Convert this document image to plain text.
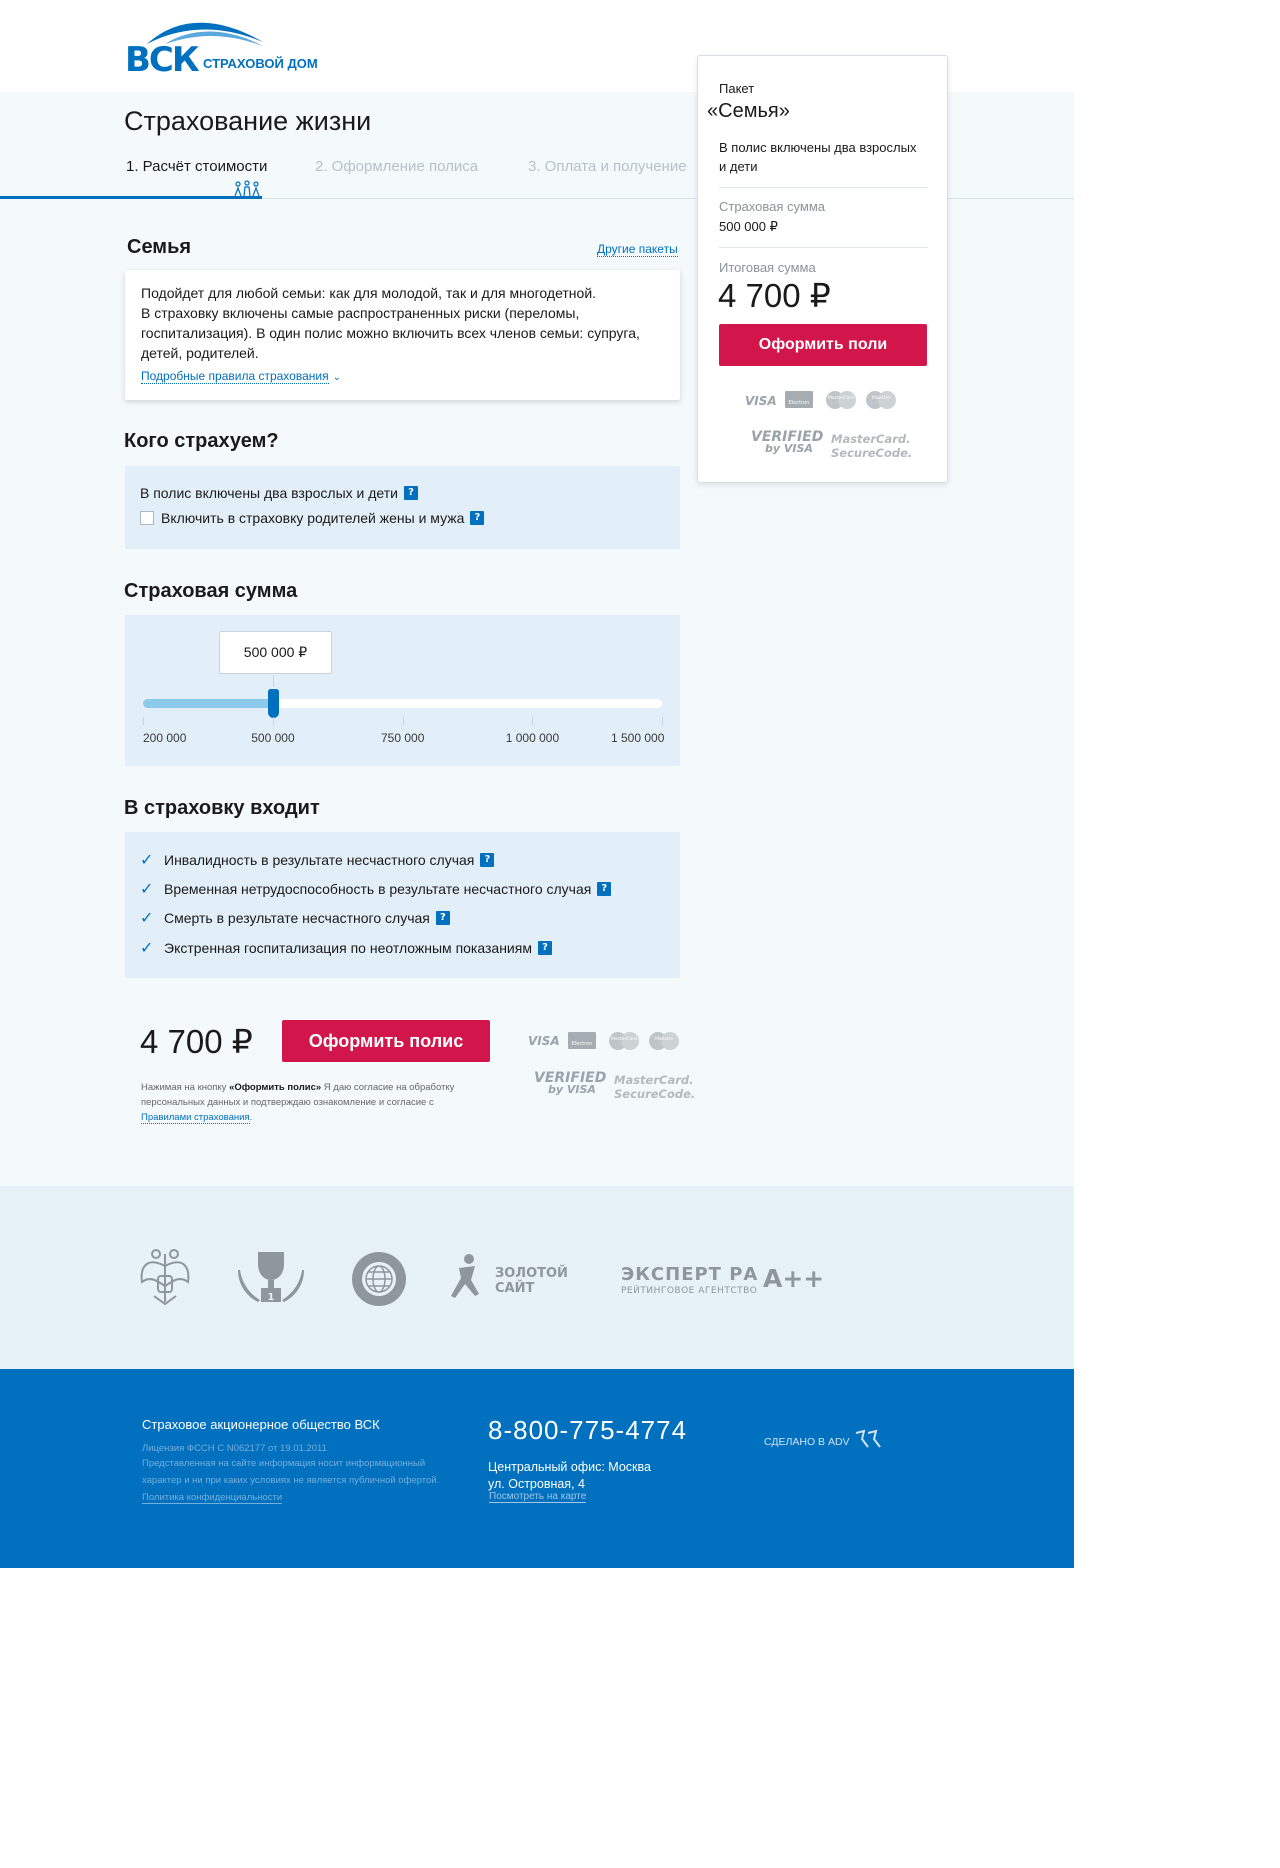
ВСК СТРАХОВОЙ ДОМ
Страхование жизни
1. Расчёт стоимости	2. Оформление полиса	3. Оплата и получение
Семья	Другие пакеты

Подойдет для любой семьи: как для молодой, так и для многодетной.

В страховку включены самые распространенных риски (переломы, госпитализация). В один полис можно включить всех членов семьи: супруга, детей, родителей.

Подробные правила страхования ⌄
Кого страхуем?
В полис включены два взрослых и дети ?
Включить в страховку родителей жены и мужа ?
Страховая сумма
500 000 ₽
200 000	500 000	750 000	1 000 000	1 500 000
В страховку входит
✓ Инвалидность в результате несчастного случая ?
✓ Временная нетрудоспособность в результате несчастного случая ?
✓ Смерть в результате несчастного случая ?
✓ Экстренная госпитализация по неотложным показаниям ?
4 700 ₽	Оформить полис

Нажимая на кнопку «Оформить полис» Я даю согласие на обработку персональных данных и подтверждаю ознакомление и согласие с Правилами страхования.

VISA	Electron
MasterCard	Maestro
VERIFIED
by VISA
MasterCard.
SecureCode.
Пакет
«Семья»
В полис включены два взрослых и дети
Страховая сумма
500 000 ₽
Итоговая сумма
4 700 ₽
Оформить поли
VISA	Electron
MasterCard	Maestro
VERIFIED
by VISA
MasterCard.
SecureCode.
1
ЗОЛОТОЙ
САЙТ
ЭКСПЕРТ РА
РЕЙТИНГОВОЕ АГЕНТСТВО A++
Страховое акционерное общество ВСК
Лицензия ФССН С N062177 от 19.01.2011
Представленная на сайте информация носит информационный характер и ни при каких условиях не является публичной офертой.
Политика конфиденциальности
8-800-775-4774
Центральный офис: Москва
ул. Островная, 4
Посмотреть на карте
СДЕЛАНО В ADV
